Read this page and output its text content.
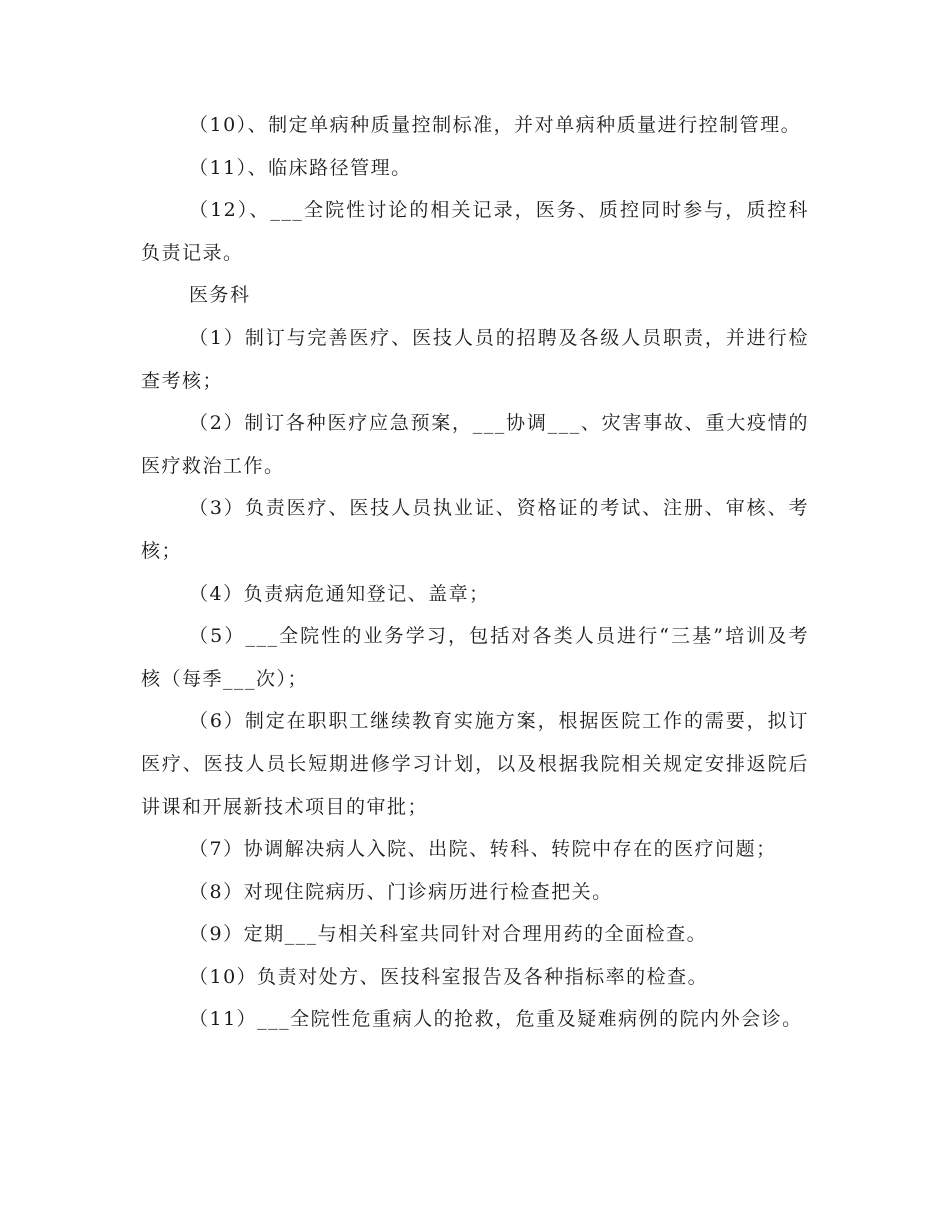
（10）、制定单病种质量控制标准，并对单病种质量进行控制管理。

（11）、临床路径管理。

（12）、___全院性讨论的相关记录，医务、质控同时参与，质控科负责记录。

医务科

（1）制订与完善医疗、医技人员的招聘及各级人员职责，并进行检查考核；

（2）制订各种医疗应急预案，___协调___、灾害事故、重大疫情的医疗救治工作。

（3）负责医疗、医技人员执业证、资格证的考试、注册、审核、考核；

（4）负责病危通知登记、盖章；

（5）___全院性的业务学习，包括对各类人员进行“三基”培训及考核（每季___次）；

（6）制定在职职工继续教育实施方案，根据医院工作的需要，拟订医疗、医技人员长短期进修学习计划，以及根据我院相关规定安排返院后讲课和开展新技术项目的审批；

（7）协调解决病人入院、出院、转科、转院中存在的医疗问题；

（8）对现住院病历、门诊病历进行检查把关。

（9）定期___与相关科室共同针对合理用药的全面检查。

（10）负责对处方、医技科室报告及各种指标率的检查。

（11）___全院性危重病人的抢救，危重及疑难病例的院内外会诊。
